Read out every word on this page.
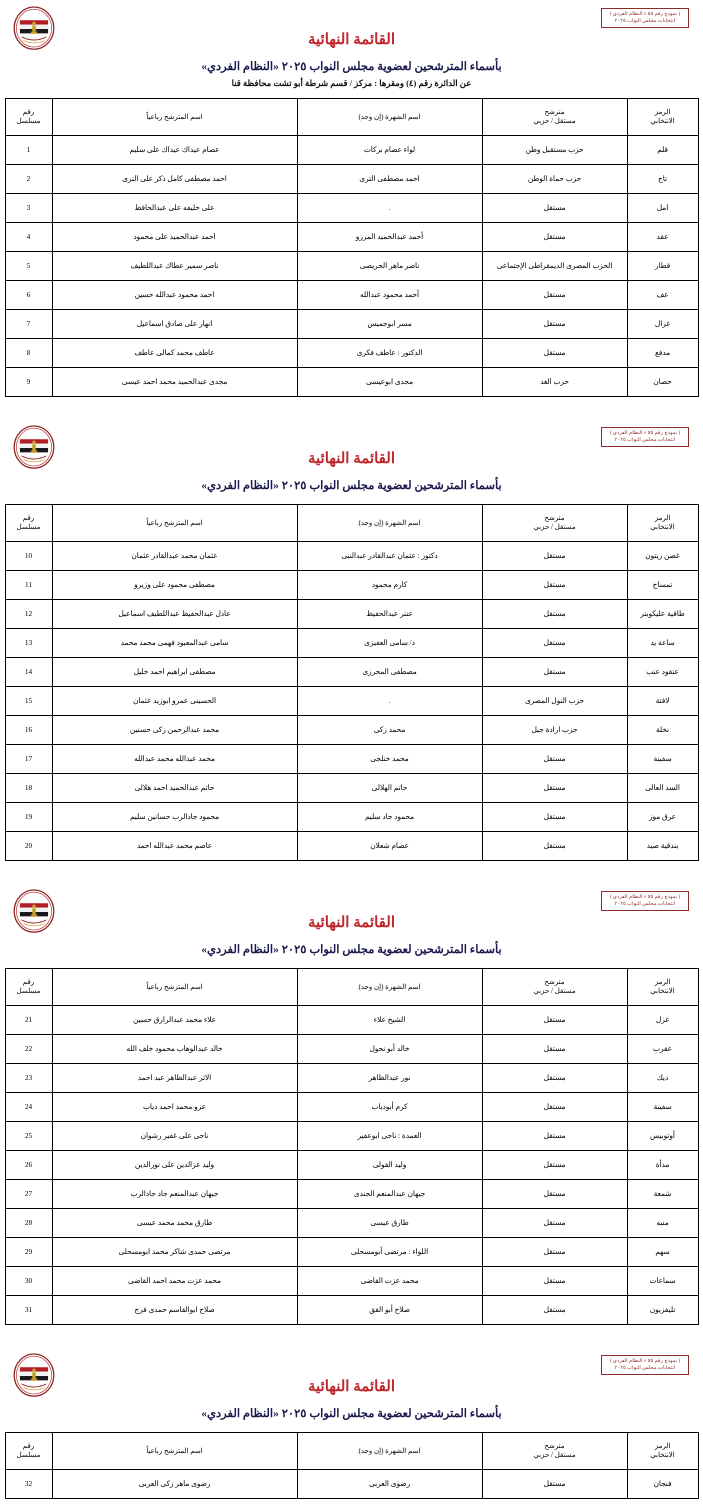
( نموذج رقم ٥٥ ء النظام الفردي )
انتخابات مجلس النواب ٢٠٢٥
القائمة النهائية
بأسماء المترشحين لعضوية مجلس النواب ٢٠٢٥ «النظام الفردي»
عن الدائرة رقم (٤) ومقرها : مركز / قسم شرطة أبو تشت محافظة قنا
الرمز
الانتخابي	مترشح
مستقل / حزبي	اسم الشهرة (إن وجد)	اسم المترشح رباعياً	رقم
مسلسل

قلم	حزب مستقبل وطن	لواء عصام بركات	عصام عيداك عيداك على سليم	1
تاج	حزب حماة الوطن	احمد مصطفى الترى	احمد مصطفى كامل ذكر على الترى	2
امل	مستقل	.	على خليفه على عبدالحافظ	3
عقد	مستقل	أحمد عبدالحميد المرزو	احمد عبدالحميد على محمود	4
قطار	الحزب المصرى الديمقراطى الإجتماعى	ناصر ماهر الحريصى	ناصر سمير عطاك عبداللطيف	5
عف	مستقل	أحمد محمود عبدالله	احمد محمود عبدالله حسين	6
غزال	مستقل	مسر ابوجميس	انهار على صادق اسماعيل	7
مدفع	مستقل	الدكتور : عاطف فكرى	عاطف محمد كمالى عاطف	8
حصان	حزب الغد	مجدى ابوعيسى	مجدى عبدالحميد محمد احمد عيسى	9
( نموذج رقم ٥٥ ء النظام الفردي )
انتخابات مجلس النواب ٢٠٢٥
القائمة النهائية
بأسماء المترشحين لعضوية مجلس النواب ٢٠٢٥ «النظام الفردي»
الرمز
الانتخابي	مترشح
مستقل / حزبي	اسم الشهرة (إن وجد)	اسم المترشح رباعياً	رقم
مسلسل

غصن زيتون	مستقل	دكتور : عثمان عبدالقادر عبدالنبى	عثمان محمد عبدالقادر عثمان	10
تمساح	مستقل	كارم محمود	مصطفى محمود على وزيرو	11
طاقية عليكوبتر	مستقل	عنتر عبدالحفيظ	عادل عبدالحفيظ عبداللطيف اسماعيل	12
ساعة يد	مستقل	د/ سامى العفيزى	سامى عبدالمعبود فهمى محمد محمد	13
عنقود عنب	مستقل	مصطفى المحرزى	مصطفى ابراهيم احمد خليل	14
لافتة	حزب النول المصرى	.	الحسينى عمرو ابوزيد عثمان	15
نخلة	حزب ارادة جيل	محمد زكى	محمد عبدالرحمن زكى حسنين	16
سفينة	مستقل	محمد خنلجى	محمد عبدالله محمد عبدالله	17
السد العالى	مستقل	حاتم الهلالى	حاتم عبدالحميد احمد هلالى	18
عرق موز	مستقل	محمود جاد سليم	محمود جادالرب حسانين سليم	19
بندقية صيد	مستقل	عصام شعلان	عاصم محمد عبدالله احمد	20
( نموذج رقم ٥٥ ء النظام الفردي )
انتخابات مجلس النواب ٢٠٢٥
القائمة النهائية
بأسماء المترشحين لعضوية مجلس النواب ٢٠٢٥ «النظام الفردي»
الرمز
الانتخابي	مترشح
مستقل / حزبي	اسم الشهرة (إن وجد)	اسم المترشح رباعياً	رقم
مسلسل

غزل	مستقل	الشيخ علاء	علاء محمد عبدالرازق حسين	21
عقرب	مستقل	خالد أبو نحول	خالد عبدالوهاب محمود خلف الله	22
ديك	مستقل	نور عبدالظاهر	الاثر عبدالظاهر عبد احمد	23
سفينة	مستقل	كرم أبودياب	عزو محمد احمد دياب	24
أوتوبيس	مستقل	العمدة : ناجى ابوعفير	ناجى على غفير رشوان	25
مدأة	مستقل	وليد القولى	وليد عزالدين على نورالدين	26
شمعة	مستقل	جيهان عبدالمنعم الجندى	جيهان عبدالمنعم جاد جادالرب	27
منبه	مستقل	طارق عيسى	طارق محمد محمد عيسى	28
سهم	مستقل	اللواء : مرتضى أبومسحلى	مرتضى حمدى شاكر محمد ابومسحلى	29
سماعات	مستقل	محمد عزت القاضى	محمد عزت محمد احمد القاضى	30
تليفزيون	مستقل	صلاح أبو القق	صلاح ابوالقاسم حمدى فرج	31
( نموذج رقم ٥٥ ء النظام الفردي )
انتخابات مجلس النواب ٢٠٢٥
القائمة النهائية
بأسماء المترشحين لعضوية مجلس النواب ٢٠٢٥ «النظام الفردي»
الرمز
الانتخابي	مترشح
مستقل / حزبي	اسم الشهرة (إن وجد)	اسم المترشح رباعياً	رقم
مسلسل

فنجان	مستقل	رضوى العربى	رضوى ماهر زكى العربى	32
